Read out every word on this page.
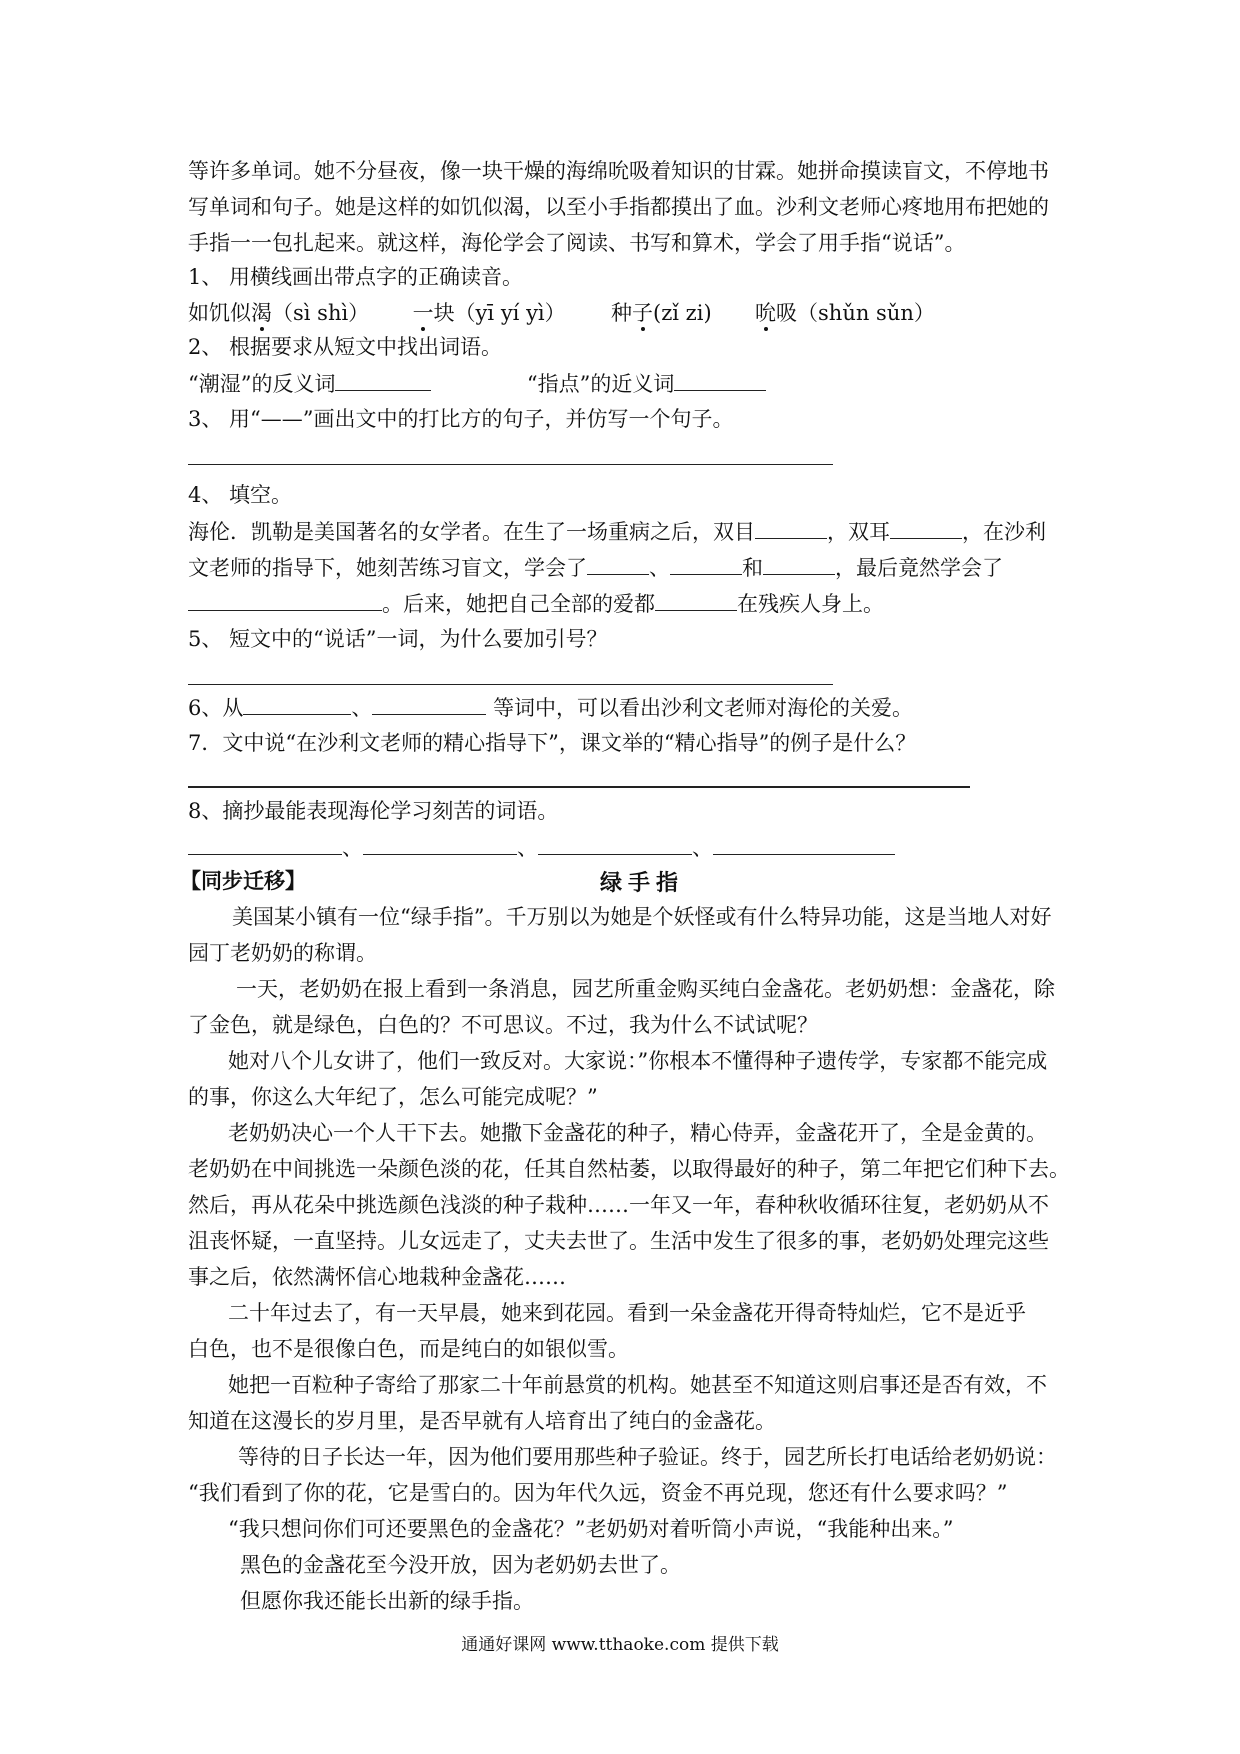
等许多单词。她不分昼夜，像一块干燥的海绵吮吸着知识的甘霖。她拼命摸读盲文，不停地书
写单词和句子。她是这样的如饥似渴，以至小手指都摸出了血。沙利文老师心疼地用布把她的
手指一一包扎起来。就这样，海伦学会了阅读、书写和算术，学会了用手指“说话”。
1、 用横线画出带点字的正确读音。
如饥似渴（sì shì） 一块（yī yí yì） 种子(zǐ zi) 吮吸（shǔn sǔn）
2、 根据要求从短文中找出词语。
“潮湿”的反义词	“指点”的近义词
3、 用“——”画出文中的打比方的句子，并仿写一个句子。
4、 填空。
海伦．凯勒是美国著名的女学者。在生了一场重病之后，双目	，双耳	，在沙利
文老师的指导下，她刻苦练习盲文，学会了	、	和	，最后竟然学会了
。后来，她把自己全部的爱都	在残疾人身上。
5、 短文中的“说话”一词，为什么要加引号？
6、从	、	等词中，可以看出沙利文老师对海伦的关爱。
7．文中说“在沙利文老师的精心指导下”，课文举的“精心指导”的例子是什么？
8、摘抄最能表现海伦学习刻苦的词语。
、	、	、
【同步迁移】	绿手指
美国某小镇有一位“绿手指”。千万别以为她是个妖怪或有什么特异功能，这是当地人对好
园丁老奶奶的称谓。
一天，老奶奶在报上看到一条消息，园艺所重金购买纯白金盏花。老奶奶想：金盏花，除
了金色，就是绿色，白色的？不可思议。不过，我为什么不试试呢？
她对八个儿女讲了，他们一致反对。大家说：”你根本不懂得种子遗传学，专家都不能完成
的事，你这么大年纪了，怎么可能完成呢？”
老奶奶决心一个人干下去。她撒下金盏花的种子，精心侍弄，金盏花开了，全是金黄的。
老奶奶在中间挑选一朵颜色淡的花，任其自然枯萎，以取得最好的种子，第二年把它们种下去。
然后，再从花朵中挑选颜色浅淡的种子栽种……一年又一年，春种秋收循环往复，老奶奶从不
沮丧怀疑，一直坚持。儿女远走了，丈夫去世了。生活中发生了很多的事，老奶奶处理完这些
事之后，依然满怀信心地栽种金盏花……
二十年过去了，有一天早晨，她来到花园。看到一朵金盏花开得奇特灿烂，它不是近乎
白色，也不是很像白色，而是纯白的如银似雪。
她把一百粒种子寄给了那家二十年前悬赏的机构。她甚至不知道这则启事还是否有效，不
知道在这漫长的岁月里，是否早就有人培育出了纯白的金盏花。
等待的日子长达一年，因为他们要用那些种子验证。终于，园艺所长打电话给老奶奶说：
“我们看到了你的花，它是雪白的。因为年代久远，资金不再兑现，您还有什么要求吗？”
“我只想问你们可还要黑色的金盏花？”老奶奶对着听筒小声说，“我能种出来。”
黑色的金盏花至今没开放，因为老奶奶去世了。
但愿你我还能长出新的绿手指。
通通好课网 www.tthaoke.com 提供下载
